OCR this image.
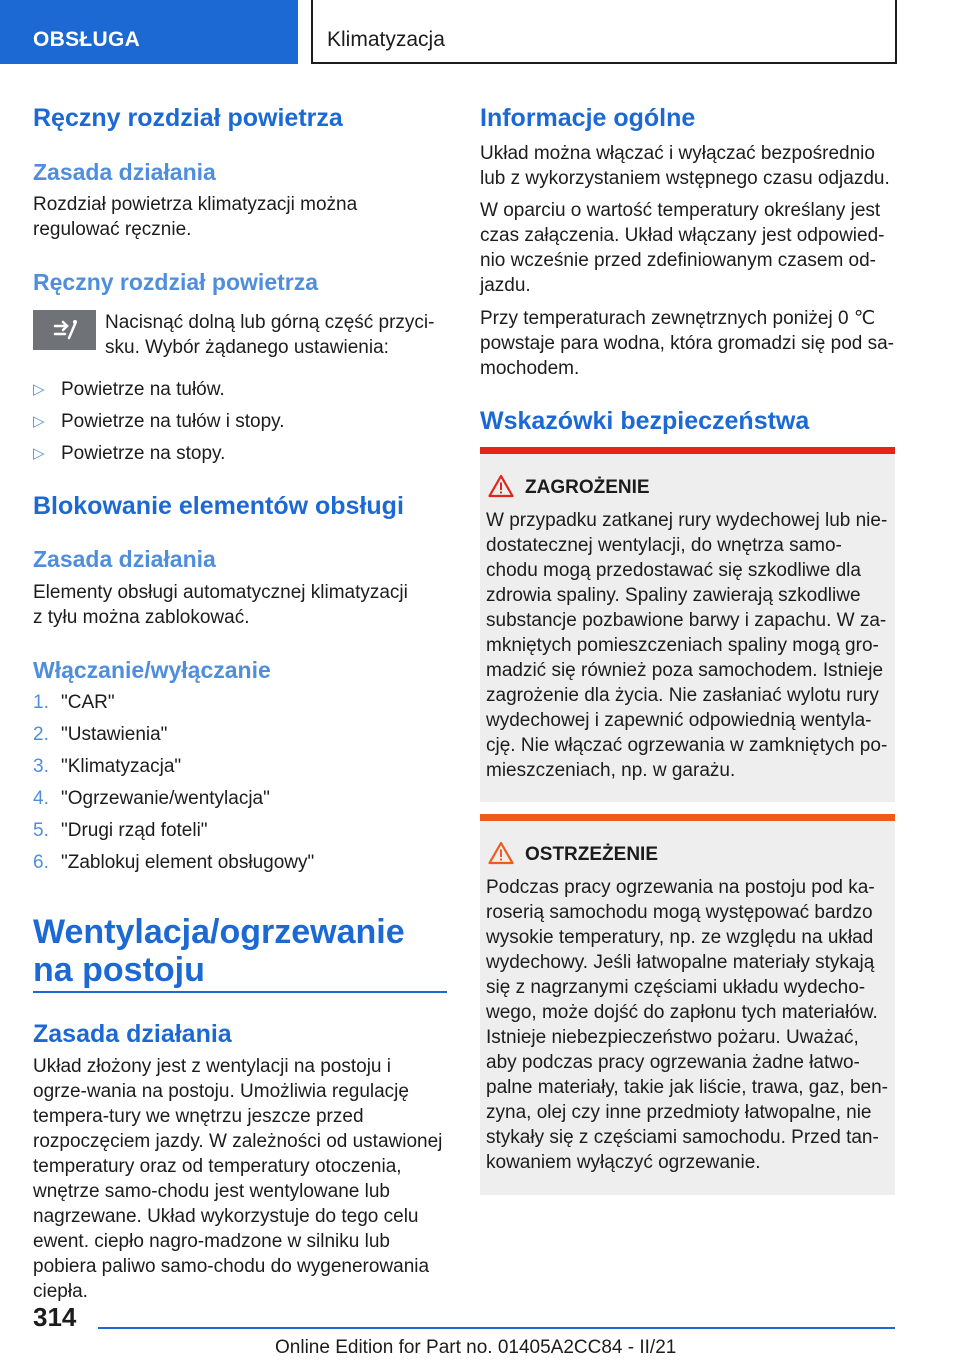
OBSŁUGA	Klimatyzacja
Ręczny rozdział powietrza
Zasada działania

Rozdział powietrza klimatyzacji można regulować ręcznie.

Ręczny rozdział powietrza

Nacisnąć dolną lub górną część przyci-sku. Wybór żądanego ustawienia:

▷ Powietrze na tułów.
▷ Powietrze na tułów i stopy.
▷ Powietrze na stopy.
Blokowanie elementów obsługi
Zasada działania

Elementy obsługi automatycznej klimatyzacji z tyłu można zablokować.

Włączanie/wyłączanie
1. "CAR"
2. "Ustawienia"
3. "Klimatyzacja"
4. "Ogrzewanie/wentylacja"
5. "Drugi rząd foteli"
6. "Zablokuj element obsługowy"
Wentylacja/ogrzewanie na postoju
Zasada działania

Układ złożony jest z wentylacji na postoju i ogrze-wania na postoju. Umożliwia regulację tempera-tury we wnętrzu jeszcze przed rozpoczęciem jazdy. W zależności od ustawionej temperatury oraz od temperatury otoczenia, wnętrze samo-chodu jest wentylowane lub nagrzewane. Układ wykorzystuje do tego celu ewent. ciepło nagro-madzone w silniku lub pobiera paliwo samo-chodu do wygenerowania ciepła.

Informacje ogólne

Układ można włączać i wyłączać bezpośrednio lub z wykorzystaniem wstępnego czasu odjazdu.

W oparciu o wartość temperatury określany jest czas załączenia. Układ włączany jest odpowied-nio wcześnie przed zdefiniowanym czasem od-jazdu.

Przy temperaturach zewnętrznych poniżej 0 ℃ powstaje para wodna, która gromadzi się pod sa-mochodem.

Wskazówki bezpieczeństwa
ZAGROŻENIE
W przypadku zatkanej rury wydechowej lub nie-dostatecznej wentylacji, do wnętrza samo-chodu mogą przedostawać się szkodliwe dla zdrowia spaliny. Spaliny zawierają szkodliwe substancje pozbawione barwy i zapachu. W za-mkniętych pomieszczeniach spaliny mogą gro-madzić się również poza samochodem. Istnieje zagrożenie dla życia. Nie zasłaniać wylotu rury wydechowej i zapewnić odpowiednią wentyla-cję. Nie włączać ogrzewania w zamkniętych po-mieszczeniach, np. w garażu.
OSTRZEŻENIE
Podczas pracy ogrzewania na postoju pod ka-roserią samochodu mogą występować bardzo wysokie temperatury, np. ze względu na układ wydechowy. Jeśli łatwopalne materiały stykają się z nagrzanymi częściami układu wydecho-wego, może dojść do zapłonu tych materiałów. Istnieje niebezpieczeństwo pożaru. Uważać, aby podczas pracy ogrzewania żadne łatwo-palne materiały, takie jak liście, trawa, gaz, ben-zyna, olej czy inne przedmioty łatwopalne, nie stykały się z częściami samochodu. Przed tan-kowaniem wyłączyć ogrzewanie.
314
Online Edition for Part no. 01405A2CC84 - II/21
